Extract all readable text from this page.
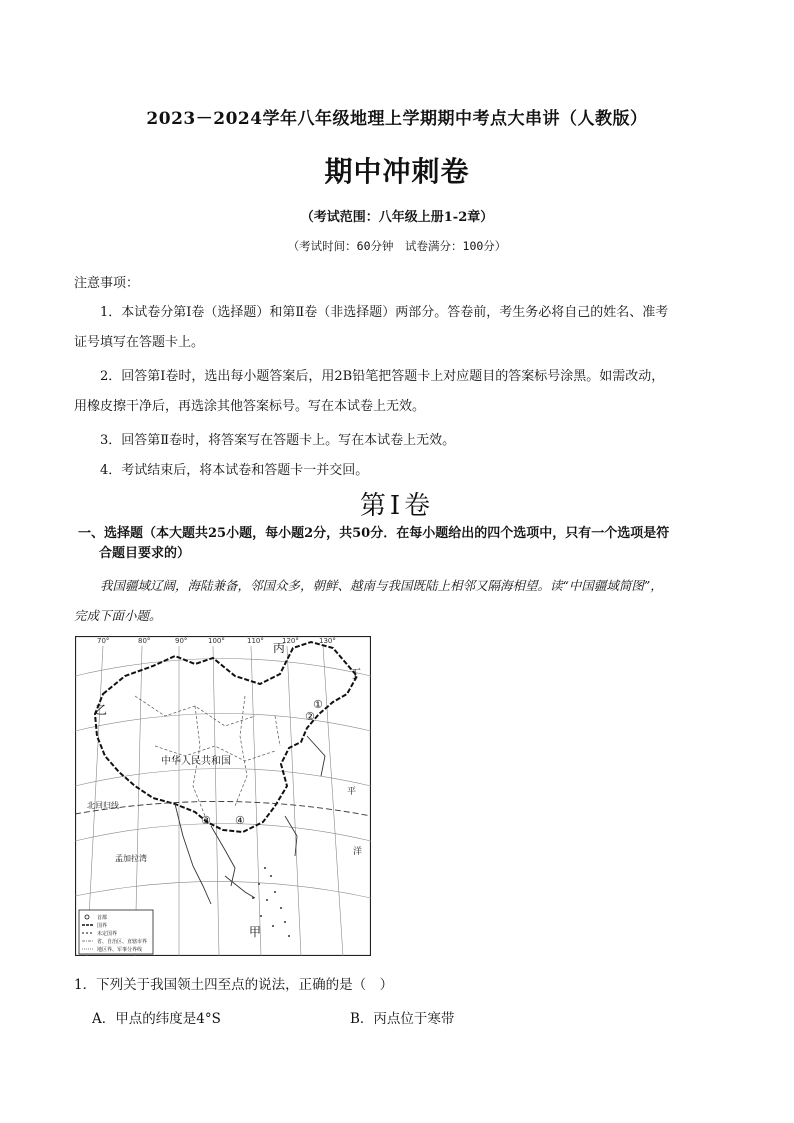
2023－2024学年八年级地理上学期期中考点大串讲（人教版）
期中冲刺卷
（考试范围：八年级上册1-2章）
（考试时间：60分钟　试卷满分：100分）
注意事项：
1．本试卷分第Ⅰ卷（选择题）和第Ⅱ卷（非选择题）两部分。答卷前，考生务必将自己的姓名、准考
证号填写在答题卡上。
2．回答第Ⅰ卷时，选出每小题答案后，用2B铅笔把答题卡上对应题目的答案标号涂黑。如需改动，
用橡皮擦干净后，再选涂其他答案标号。写在本试卷上无效。
3．回答第Ⅱ卷时，将答案写在答题卡上。写在本试卷上无效。
4．考试结束后，将本试卷和答题卡一并交回。
第Ⅰ卷
一、选择题（本大题共25小题，每小题2分，共50分．在每小题给出的四个选项中，只有一个选项是符
合题目要求的）
我国疆域辽阔，海陆兼备，邻国众多，朝鲜、越南与我国既陆上相邻又隔海相望。读“中国疆域简图”，
完成下面小题。
70°	80°	90°	100°	110°	120°	130°
北回归线
乙
丙
丁
甲
中华人民共和国
孟加拉湾
平
洋
①
②
③ ④
首都
国界
未定国界
省、自治区、直辖市界
地区界、军事分界线
1．下列关于我国领土四至点的说法，正确的是（　）
A．甲点的纬度是4°S	B．丙点位于寒带
